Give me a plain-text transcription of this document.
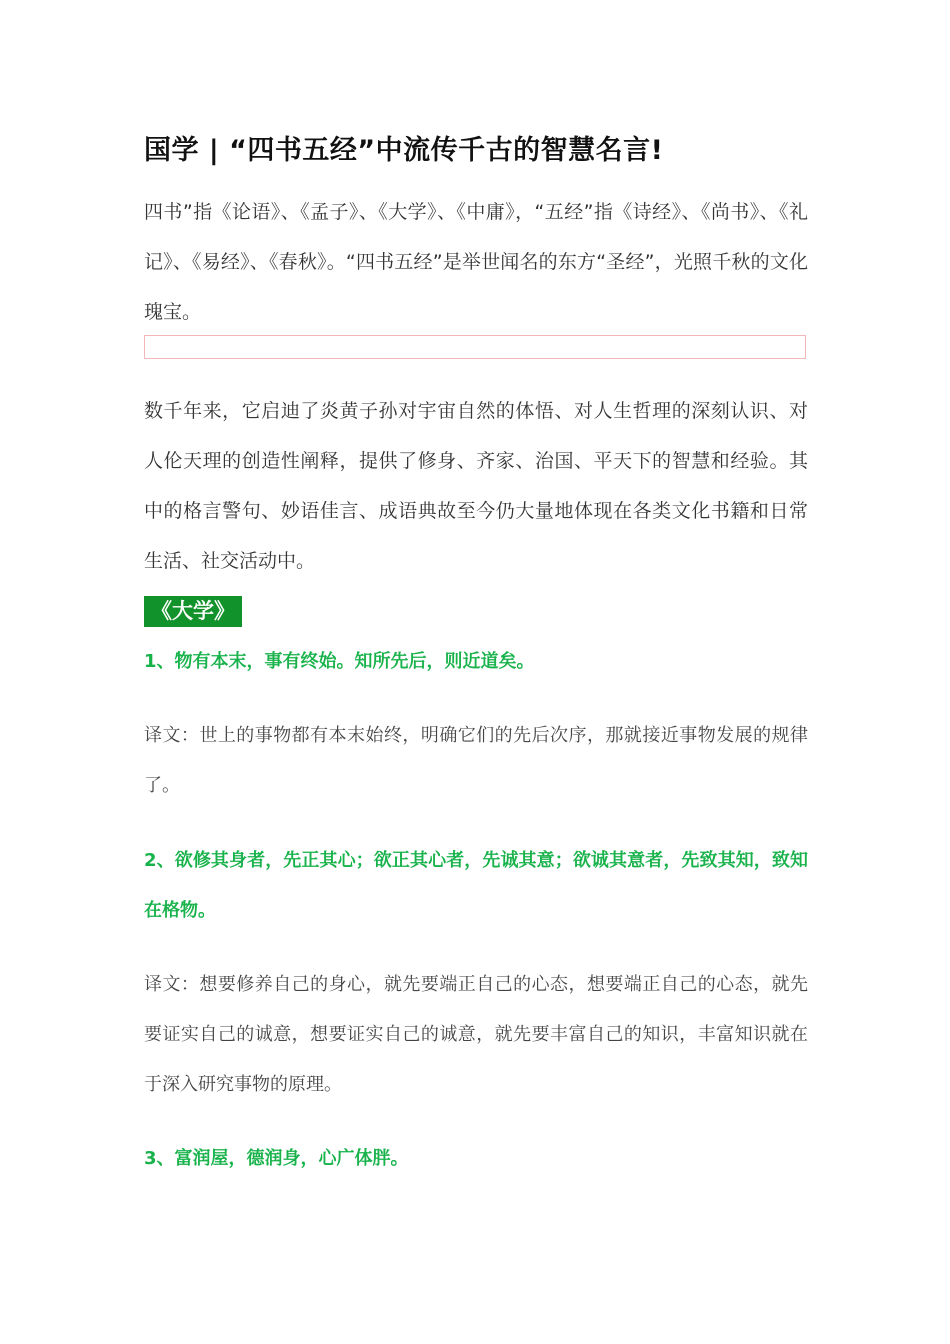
国学 | “四书五经”中流传千古的智慧名言!
四书”指《论语》、《孟子》、《大学》、《中庸》，“五经”指《诗经》、《尚书》、《礼记》、《易经》、《春秋》。“四书五经”是举世闻名的东方“圣经”，光照千秋的文化瑰宝。
数千年来，它启迪了炎黄子孙对宇宙自然的体悟、对人生哲理的深刻认识、对人伦天理的创造性阐释，提供了修身、齐家、治国、平天下的智慧和经验。其中的格言警句、妙语佳言、成语典故至今仍大量地体现在各类文化书籍和日常生活、社交活动中。
《大学》
1、物有本末，事有终始。知所先后，则近道矣。
译文：世上的事物都有本末始终，明确它们的先后次序，那就接近事物发展的规律了。
2、欲修其身者，先正其心；欲正其心者，先诚其意；欲诚其意者，先致其知，致知在格物。
译文：想要修养自己的身心，就先要端正自己的心态，想要端正自己的心态，就先要证实自己的诚意，想要证实自己的诚意，就先要丰富自己的知识，丰富知识就在于深入研究事物的原理。
3、富润屋，德润身，心广体胖。
